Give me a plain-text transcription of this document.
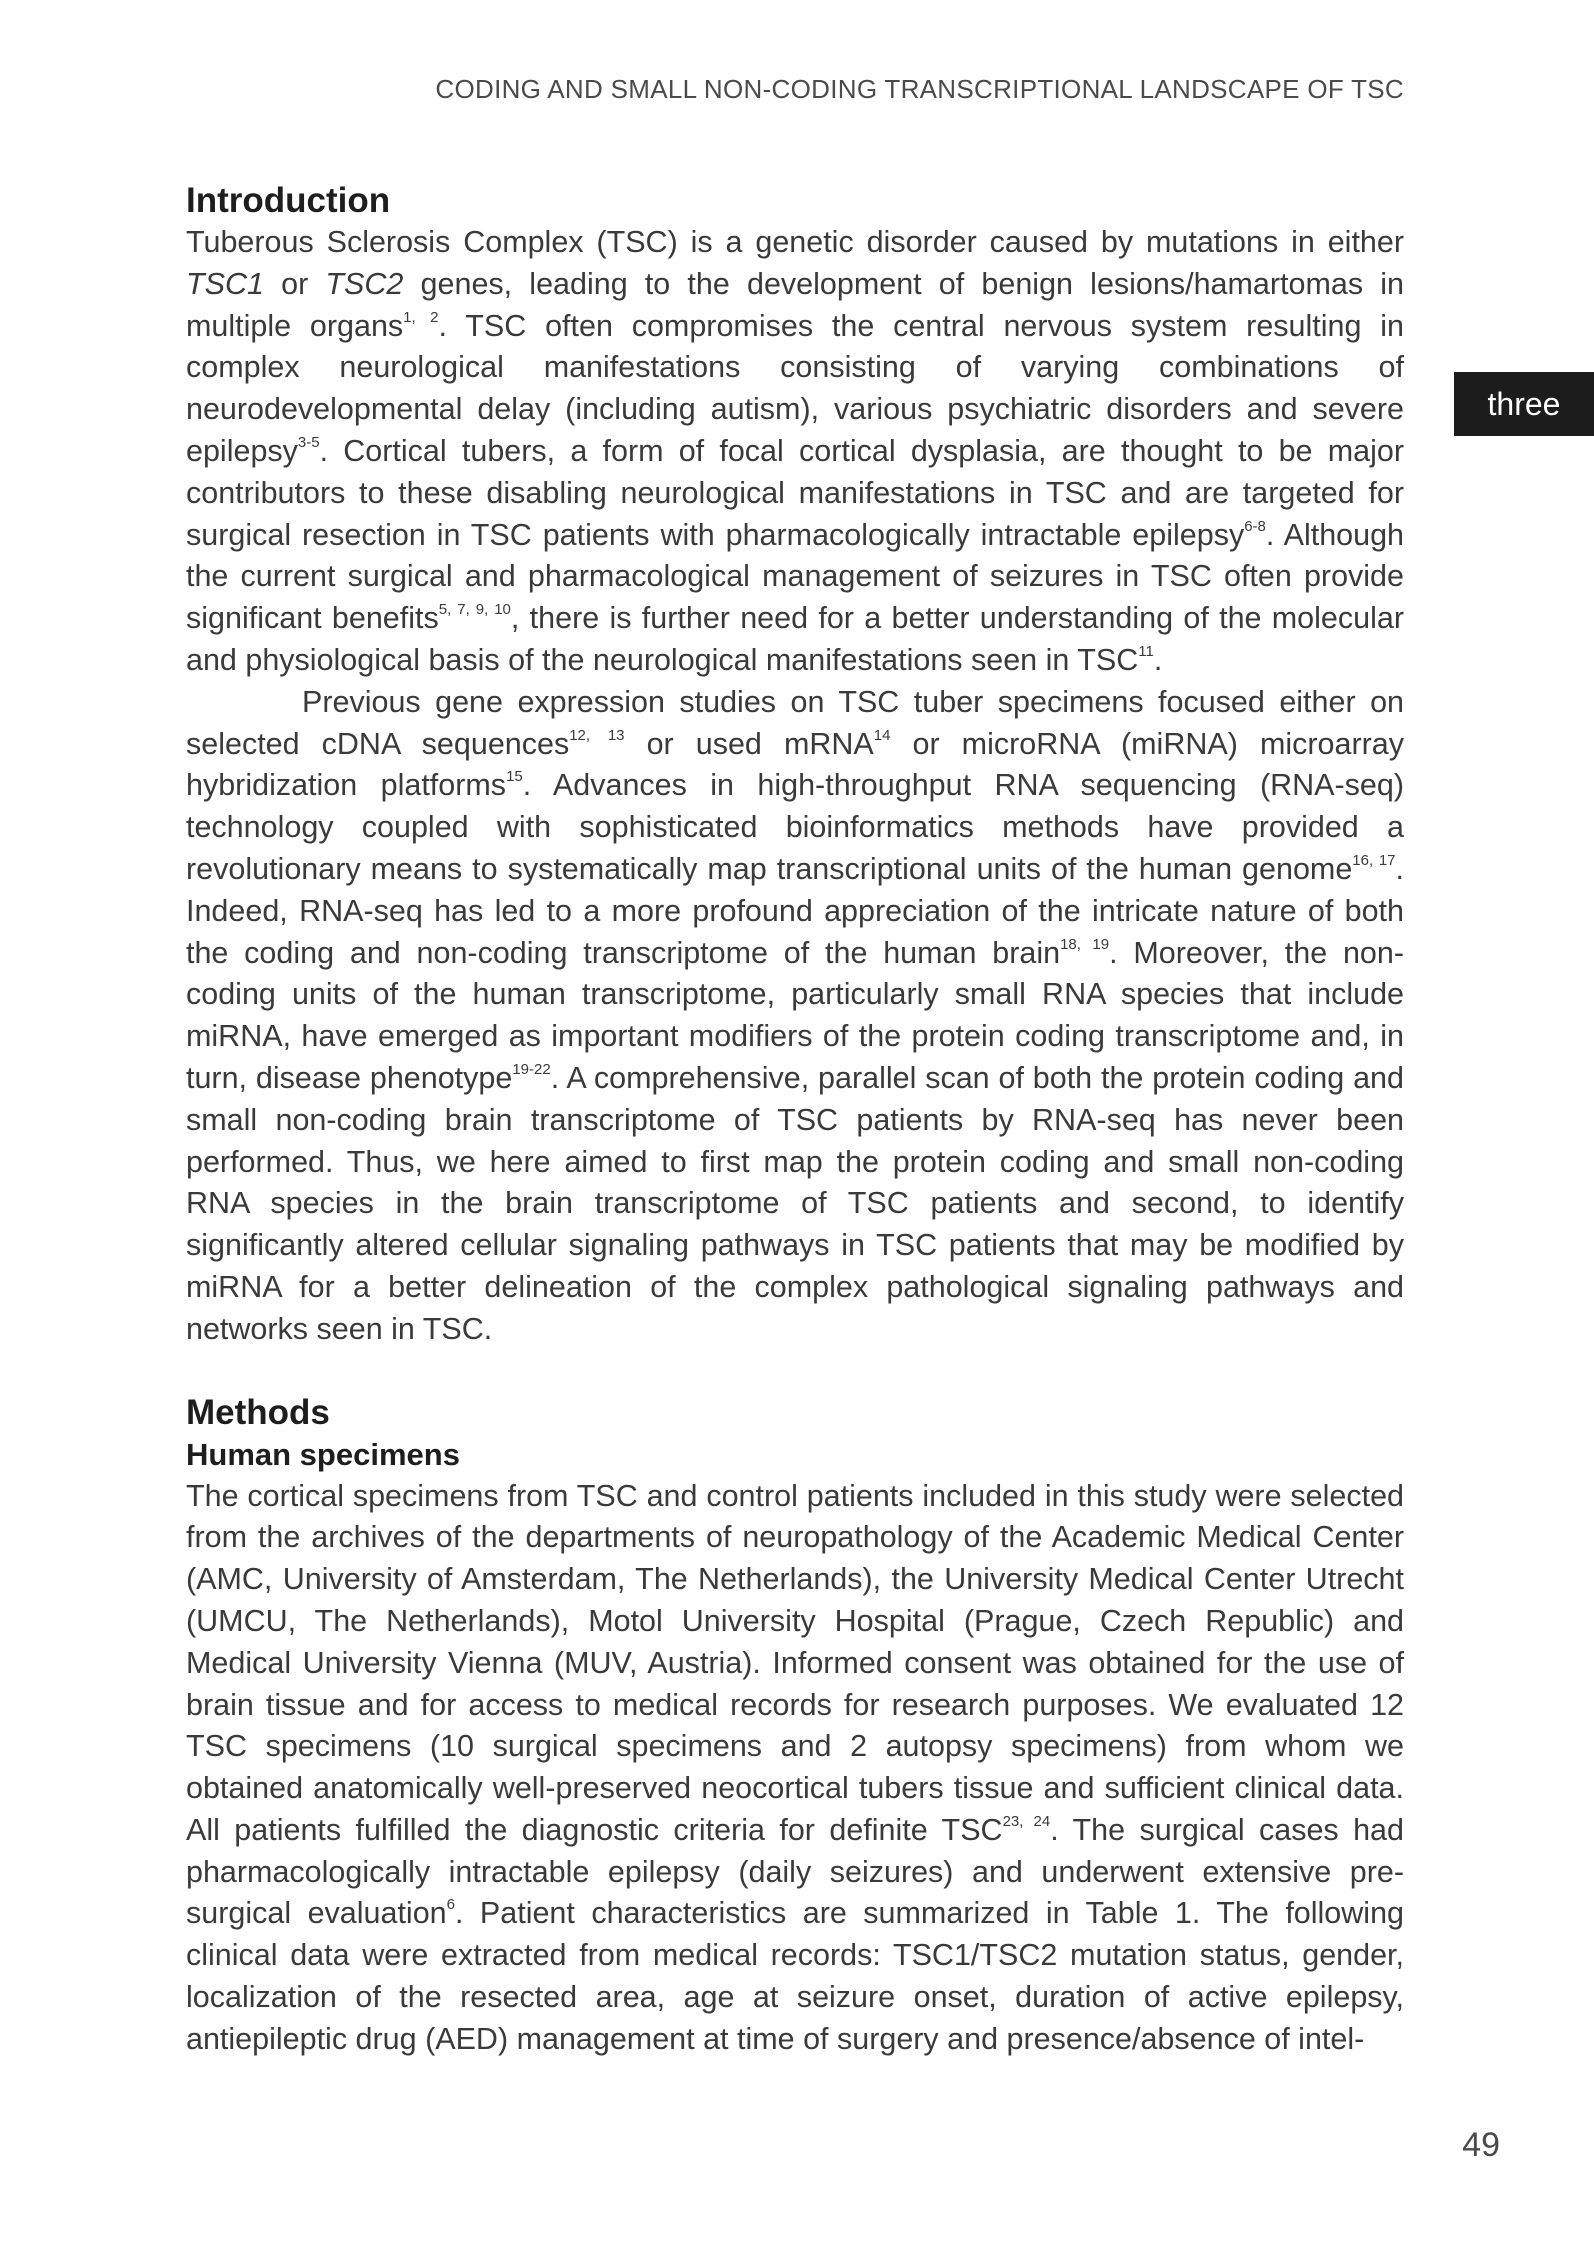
CODING AND SMALL NON-CODING TRANSCRIPTIONAL LANDSCAPE OF TSC
three
Introduction

Tuberous Sclerosis Complex (TSC) is a genetic disorder caused by mutations in either TSC1 or TSC2 genes, leading to the development of benign lesions/hamartomas in multiple organs$^{1, 2}$. TSC often compromises the central nervous system resulting in complex neurological manifestations consisting of varying combinations of neurodevelopmental delay (including autism), various psychiatric disorders and severe epilepsy$^{3-5}$. Cortical tubers, a form of focal cortical dysplasia, are thought to be major contributors to these disabling neurological manifestations in TSC and are targeted for surgical resection in TSC patients with pharmacologically intractable epilepsy$^{6-8}$. Although the current surgical and pharmacological management of seizures in TSC often provide significant benefits$^{5, 7, 9, 10}$, there is further need for a better understanding of the molecular and physiological basis of the neurological manifestations seen in TSC$^{11}$.

Previous gene expression studies on TSC tuber specimens focused either on selected cDNA sequences$^{12, 13}$ or used mRNA$^{14}$ or microRNA (miRNA) microarray hybridization platforms$^{15}$. Advances in high-throughput RNA sequencing (RNA-seq) technology coupled with sophisticated bioinformatics methods have provided a revolutionary means to systematically map transcriptional units of the human genome$^{16, 17}$. Indeed, RNA-seq has led to a more profound appreciation of the intricate nature of both the coding and non-coding transcriptome of the human brain$^{18, 19}$. Moreover, the non-coding units of the human transcriptome, particularly small RNA species that include miRNA, have emerged as important modifiers of the protein coding transcriptome and, in turn, disease phenotype$^{19-22}$. A comprehensive, parallel scan of both the protein coding and small non-coding brain transcriptome of TSC patients by RNA-seq has never been performed. Thus, we here aimed to first map the protein coding and small non-coding RNA species in the brain transcriptome of TSC patients and second, to identify significantly altered cellular signaling pathways in TSC patients that may be modified by miRNA for a better delineation of the complex pathological signaling pathways and networks seen in TSC.

Methods
Human specimens

The cortical specimens from TSC and control patients included in this study were selected from the archives of the departments of neuropathology of the Academic Medical Center (AMC, University of Amsterdam, The Netherlands), the University Medical Center Utrecht (UMCU, The Netherlands), Motol University Hospital (Prague, Czech Republic) and Medical University Vienna (MUV, Austria). Informed consent was obtained for the use of brain tissue and for access to medical records for research purposes. We evaluated 12 TSC specimens (10 surgical specimens and 2 autopsy specimens) from whom we obtained anatomically well-preserved neocortical tubers tissue and sufficient clinical data. All patients fulfilled the diagnostic criteria for definite TSC$^{23, 24}$. The surgical cases had pharmacologically intractable epilepsy (daily seizures) and underwent extensive pre-surgical evaluation$^6$. Patient characteristics are summarized in Table 1. The following clinical data were extracted from medical records: TSC1/TSC2 mutation status, gender, localization of the resected area, age at seizure onset, duration of active epilepsy, antiepileptic drug (AED) management at time of surgery and presence/absence of intel-

49
